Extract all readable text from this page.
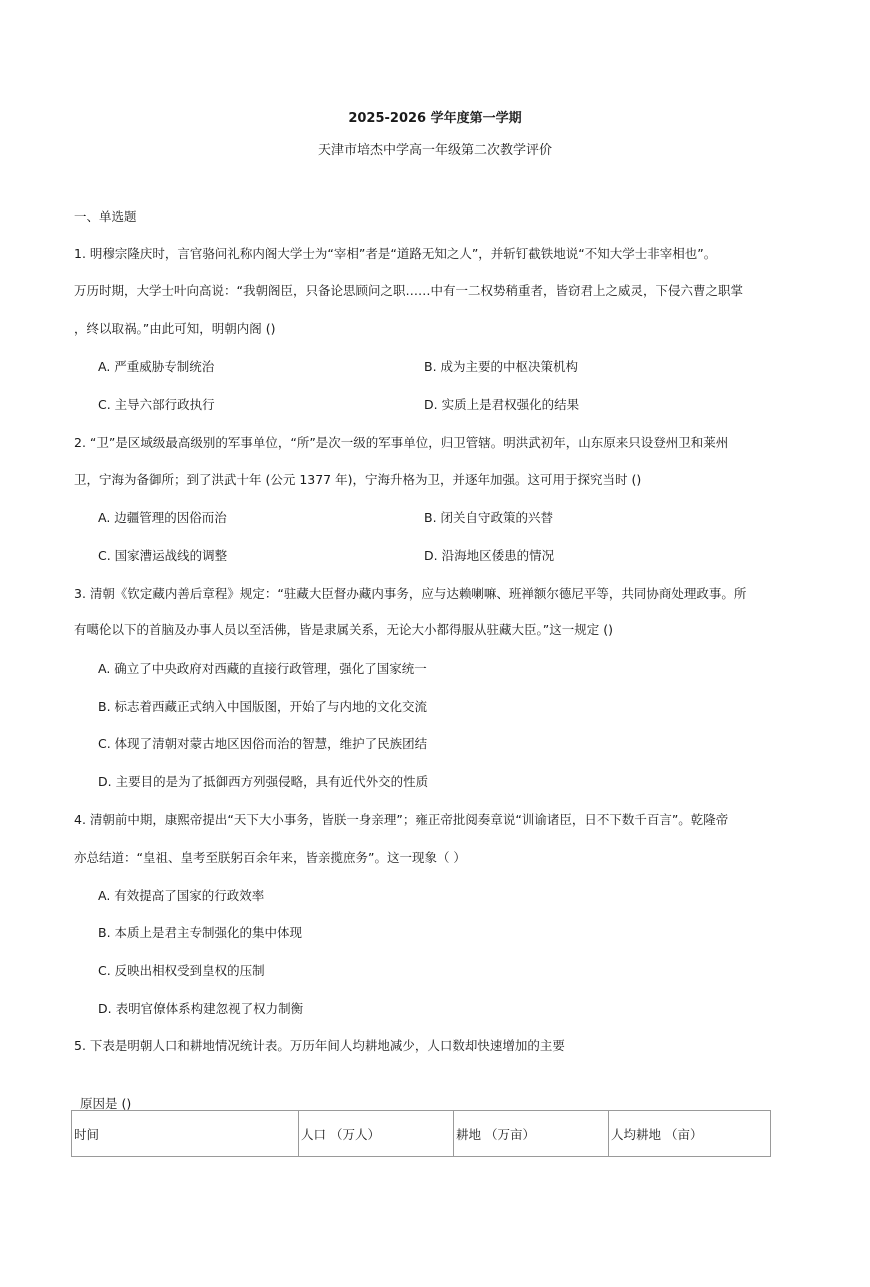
2025-2026 学年度第一学期
天津市培杰中学高一年级第二次教学评价
一、单选题
1. 明穆宗隆庆时，言官骆问礼称内阁大学士为“宰相”者是“道路无知之人”，并斩钉截铁地说“不知大学士非宰相也”。
万历时期，大学士叶向高说：“我朝阁臣，只备论思顾问之职……中有一二权势稍重者，皆窃君上之威灵，下侵六曹之职掌
，终以取祸。”由此可知，明朝内阁 ()
A. 严重威胁专制统治	B. 成为主要的中枢决策机构
C. 主导六部行政执行	D. 实质上是君权强化的结果
2. “卫”是区域级最高级别的军事单位，“所”是次一级的军事单位，归卫管辖。明洪武初年，山东原来只设登州卫和莱州
卫，宁海为备御所；到了洪武十年 (公元 1377 年)，宁海升格为卫，并逐年加强。这可用于探究当时 ()
A. 边疆管理的因俗而治	B. 闭关自守政策的兴替
C. 国家漕运战线的调整	D. 沿海地区倭患的情况
3. 清朝《钦定藏内善后章程》规定：“驻藏大臣督办藏内事务，应与达赖喇嘛、班禅额尔德尼平等，共同协商处理政事。所
有噶伦以下的首脑及办事人员以至活佛，皆是隶属关系，无论大小都得服从驻藏大臣。”这一规定 ()
A. 确立了中央政府对西藏的直接行政管理，强化了国家统一
B. 标志着西藏正式纳入中国版图，开始了与内地的文化交流
C. 体现了清朝对蒙古地区因俗而治的智慧，维护了民族团结
D. 主要目的是为了抵御西方列强侵略，具有近代外交的性质
4. 清朝前中期，康熙帝提出“天下大小事务，皆朕一身亲理”；雍正帝批阅奏章说“训谕诸臣，日不下数千百言”。乾隆帝
亦总结道：“皇祖、皇考至朕躬百余年来，皆亲揽庶务”。这一现象（ ）
A. 有效提高了国家的行政效率
B. 本质上是君主专制强化的集中体现
C. 反映出相权受到皇权的压制
D. 表明官僚体系构建忽视了权力制衡
5. 下表是明朝人口和耕地情况统计表。万历年间人均耕地减少，人口数却快速增加的主要
原因是 ()
时间	人口 （万人）	耕地 （万亩）	人均耕地 （亩）
